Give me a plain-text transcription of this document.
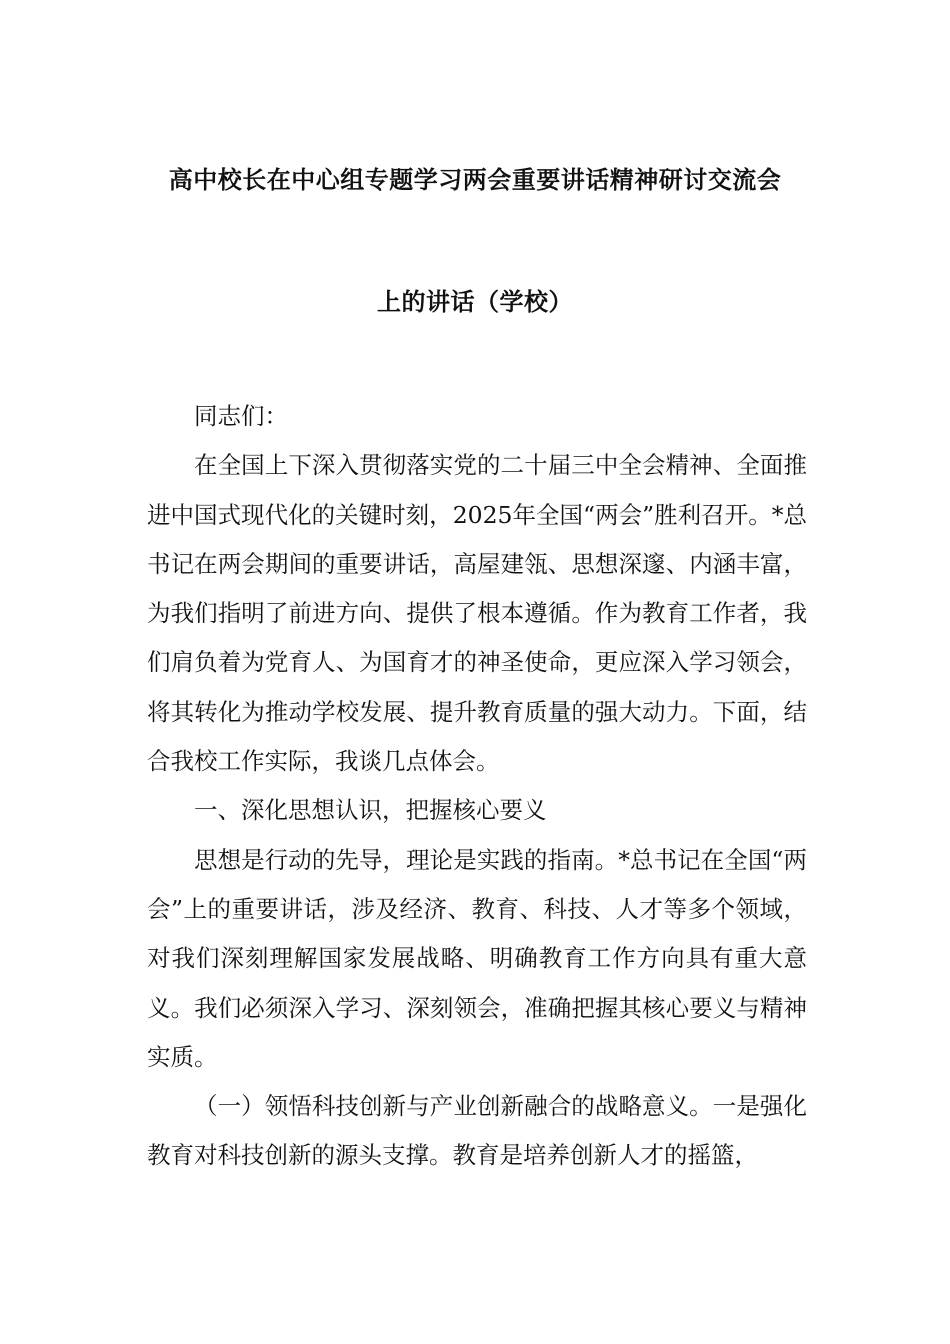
高中校长在中心组专题学习两会重要讲话精神研讨交流会
上的讲话（学校）

同志们：

在全国上下深入贯彻落实党的二十届三中全会精神、全面推进中国式现代化的关键时刻，2025年全国“两会”胜利召开。*总书记在两会期间的重要讲话，高屋建瓴、思想深邃、内涵丰富，为我们指明了前进方向、提供了根本遵循。作为教育工作者，我们肩负着为党育人、为国育才的神圣使命，更应深入学习领会，将其转化为推动学校发展、提升教育质量的强大动力。下面，结合我校工作实际，我谈几点体会。

一、深化思想认识，把握核心要义

思想是行动的先导，理论是实践的指南。*总书记在全国“两会”上的重要讲话，涉及经济、教育、科技、人才等多个领域，对我们深刻理解国家发展战略、明确教育工作方向具有重大意义。我们必须深入学习、深刻领会，准确把握其核心要义与精神实质。

（一）领悟科技创新与产业创新融合的战略意义。一是强化教育对科技创新的源头支撑。教育是培养创新人才的摇篮，
